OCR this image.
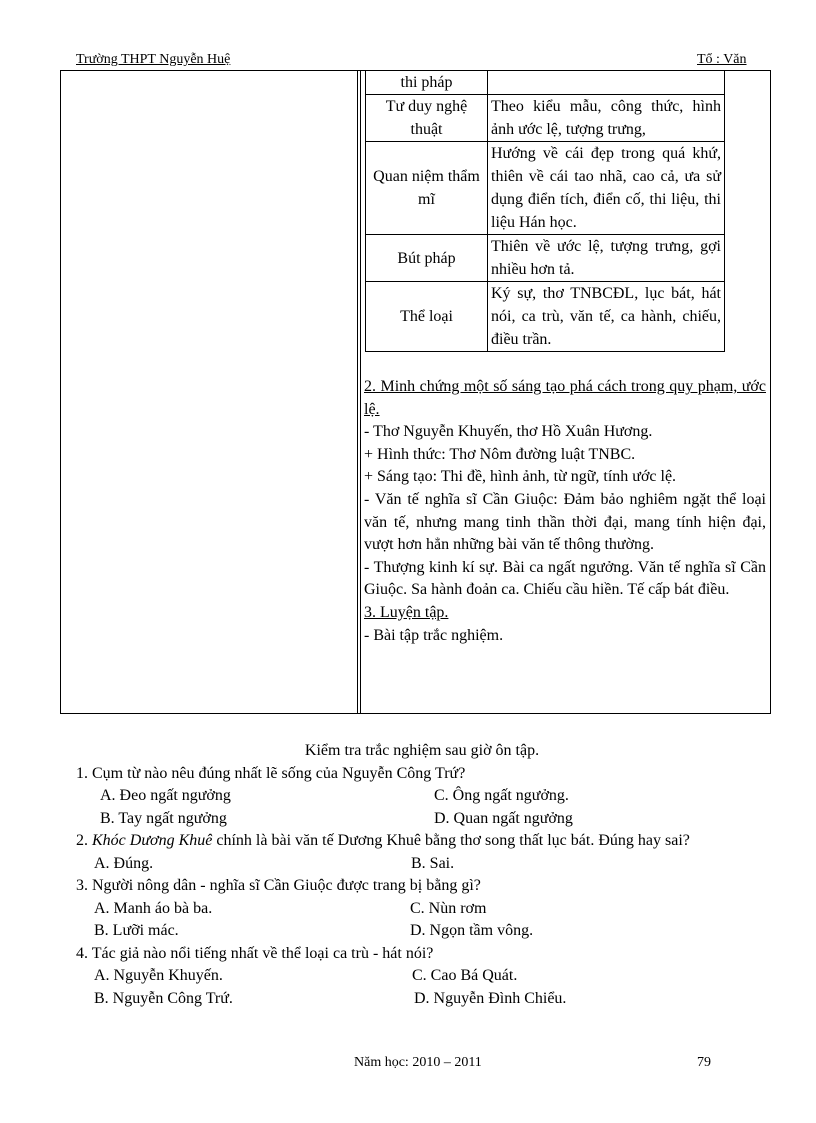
Trường THPT Nguyễn Huệ	Tổ : Văn
thi pháp	
Tư duy nghệ thuật	Theo kiểu mẫu, công thức, hình ảnh ước lệ, tượng trưng,
Quan niệm thẩm mĩ	Hướng về cái đẹp trong quá khứ, thiên về cái tao nhã, cao cả, ưa sử dụng điển tích, điển cố, thi liệu, thi liệu Hán học.
Bút pháp	Thiên về ước lệ, tượng trưng, gợi nhiều hơn tả.
Thể loại	Ký sự, thơ TNBCĐL, lục bát, hát nói, ca trù, văn tế, ca hành, chiếu, điều trần.

2. Minh chứng một số sáng tạo phá cách trong quy phạm, ước lệ.

- Thơ Nguyễn Khuyến, thơ Hồ Xuân Hương.

+ Hình thức: Thơ Nôm đường luật TNBC.

+ Sáng tạo: Thi đề, hình ảnh, từ ngữ, tính ước lệ.

- Văn tế nghĩa sĩ Cần Giuộc: Đảm bảo nghiêm ngặt thể loại văn tế, nhưng mang tinh thần thời đại, mang tính hiện đại, vượt hơn hẳn những bài văn tế thông thường.

- Thượng kinh kí sự. Bài ca ngất ngưởng. Văn tế nghĩa sĩ Cần Giuộc. Sa hành đoản ca. Chiếu cầu hiền. Tế cấp bát điều.

3. Luyện tập.

- Bài tập trắc nghiệm.

Kiểm tra trắc nghiệm sau giờ ôn tập.

1. Cụm từ nào nêu đúng nhất lẽ sống của Nguyễn Công Trứ?

A. Đeo ngất ngưởng	C. Ông ngất ngưởng.
B. Tay ngất ngưởng	D. Quan ngất ngưởng

2. Khóc Dương Khuê chính là bài văn tế Dương Khuê bằng thơ song thất lục bát. Đúng hay sai?

A. Đúng.	B. Sai.

3. Người nông dân - nghĩa sĩ Cần Giuộc được trang bị bằng gì?

A. Manh áo bà ba.	C. Nùn rơm
B. Lưỡi mác.	D. Ngọn tầm vông.

4. Tác giả nào nổi tiếng nhất về thể loại ca trù - hát nói?

A. Nguyễn Khuyến.	C. Cao Bá Quát.
B. Nguyễn Công Trứ.	D. Nguyễn Đình Chiểu.
Năm học: 2010 – 2011	79
